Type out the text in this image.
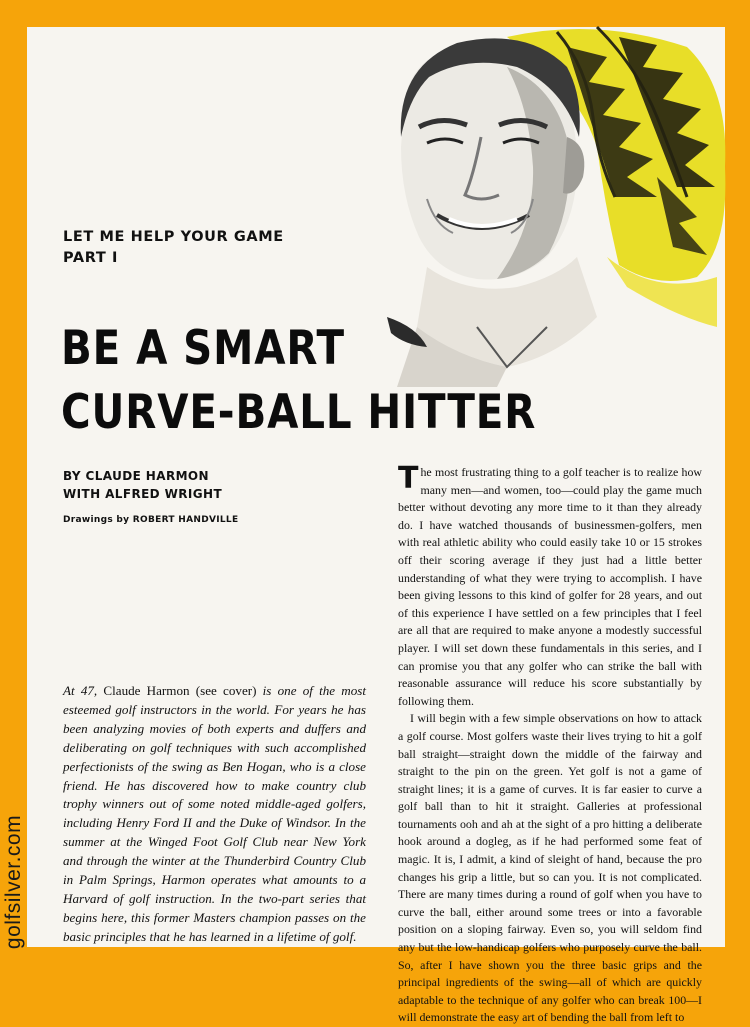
golfsilver.com
LET ME HELP YOUR GAME
PART I
BE A SMART
CURVE-BALL HITTER
BY CLAUDE HARMON
WITH ALFRED WRIGHT
Drawings by ROBERT HANDVILLE
At 47, Claude Harmon (see cover) is one of the most esteemed golf instructors in the world. For years he has been analyzing movies of both experts and duffers and deliberating on golf techniques with such accomplished perfectionists of the swing as Ben Hogan, who is a close friend. He has discovered how to make country club trophy winners out of some noted middle-aged golfers, including Henry Ford II and the Duke of Windsor. In the summer at the Winged Foot Golf Club near New York and through the winter at the Thunderbird Country Club in Palm Springs, Harmon operates what amounts to a Harvard of golf instruction. In the two-part series that begins here, this former Masters champion passes on the basic principles that he has learned in a lifetime of golf.

The most frustrating thing to a golf teacher is to realize how many men—and women, too—could play the game much better without devoting any more time to it than they already do. I have watched thousands of businessmen-golfers, men with real athletic ability who could easily take 10 or 15 strokes off their scoring average if they just had a little better understanding of what they were trying to accomplish. I have been giving lessons to this kind of golfer for 28 years, and out of this experience I have settled on a few principles that I feel are all that are required to make anyone a modestly successful player. I will set down these fundamentals in this series, and I can promise you that any golfer who can strike the ball with reasonable assurance will reduce his score substantially by following them.

I will begin with a few simple observations on how to attack a golf course. Most golfers waste their lives trying to hit a golf ball straight—straight down the middle of the fairway and straight to the pin on the green. Yet golf is not a game of straight lines; it is a game of curves. It is far easier to curve a golf ball than to hit it straight. Galleries at professional tournaments ooh and ah at the sight of a pro hitting a deliberate hook around a dogleg, as if he had performed some feat of magic. It is, I admit, a kind of sleight of hand, because the pro changes his grip a little, but so can you. It is not complicated. There are many times during a round of golf when you have to curve the ball, either around some trees or into a favorable position on a sloping fairway. Even so, you will seldom find any but the low-handicap golfers who purposely curve the ball. So, after I have shown you the three basic grips and the principal ingredients of the swing—all of which are quickly adaptable to the technique of any golfer who can break 100—I will demonstrate the easy art of bending the ball from left to
